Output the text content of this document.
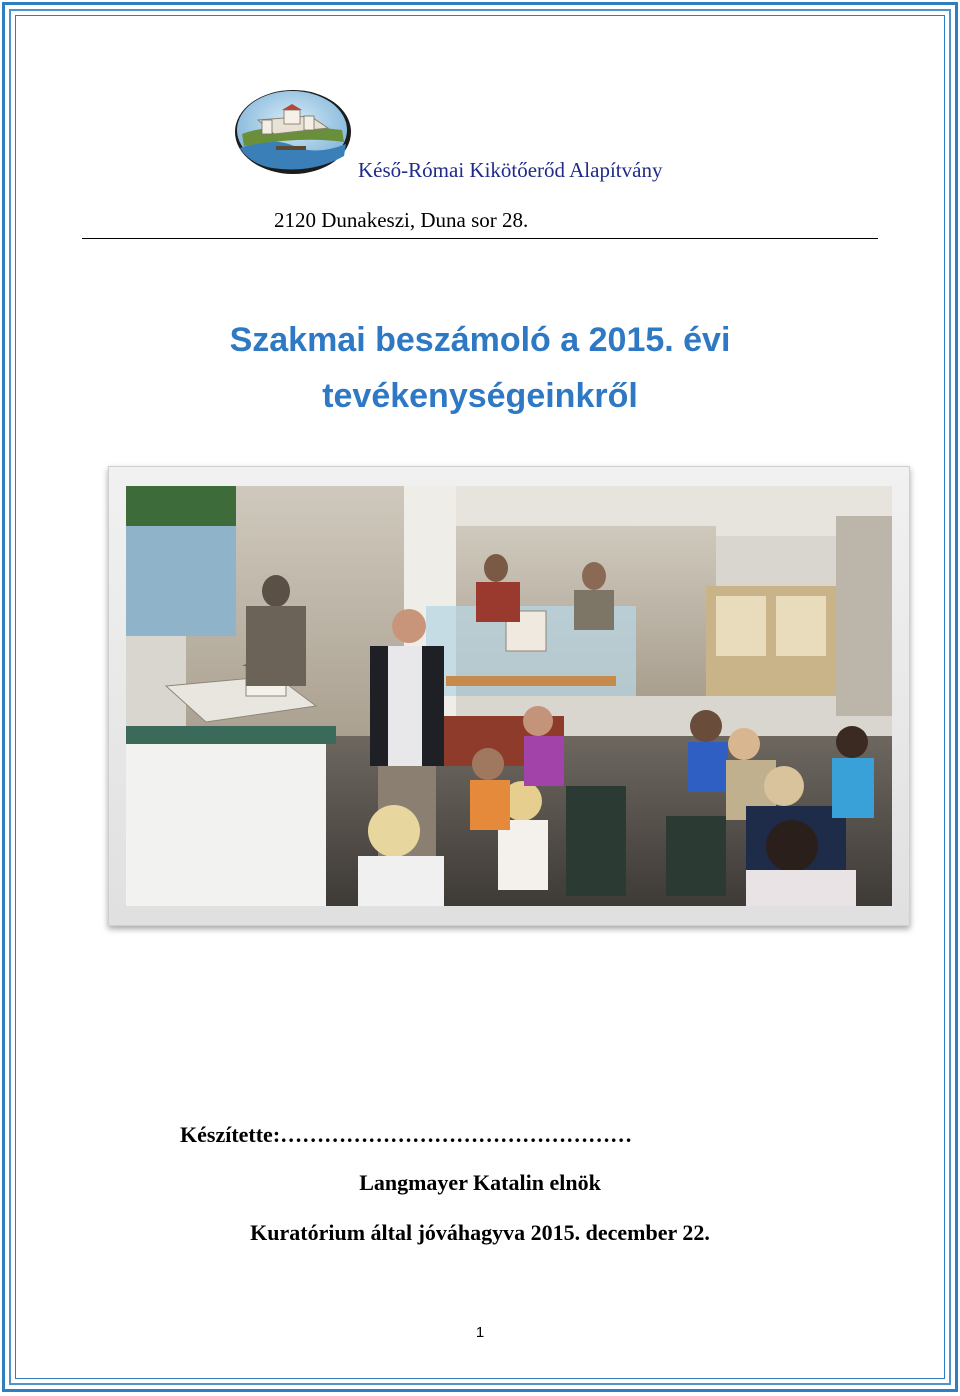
Késő-Római Kikötőerőd Alapítvány
2120 Dunakeszi, Duna sor 28.
Szakmai beszámoló a 2015. évi
tevékenységeinkről
Készítette:…………………………………………
Langmayer Katalin elnök
Kuratórium által jóváhagyva 2015. december 22.
1
